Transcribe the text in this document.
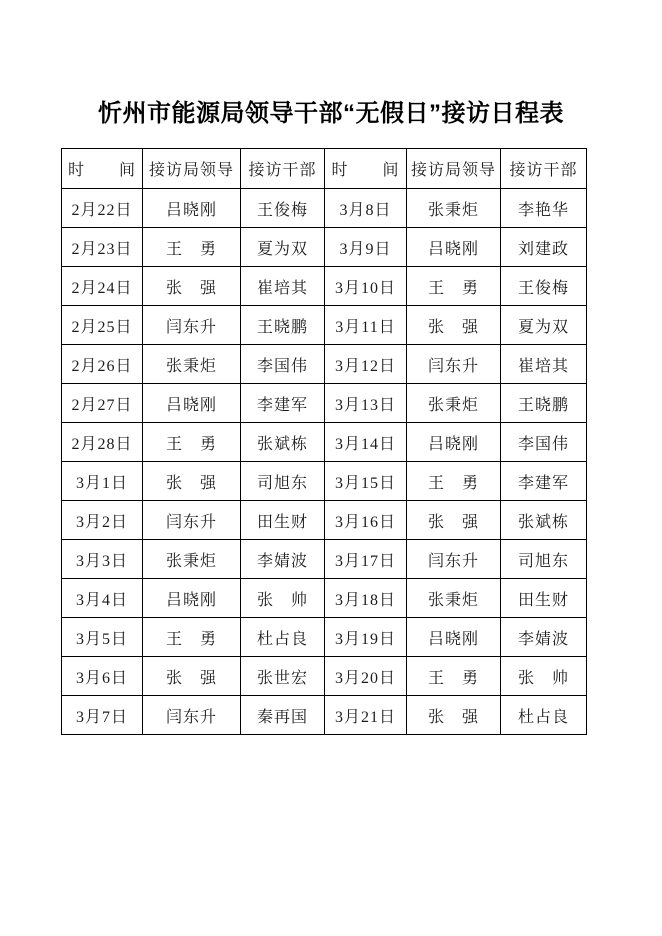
忻州市能源局领导干部“无假日”接访日程表
时　　间	接访局领导	接访干部	时　　间	接访局领导	接访干部
2月22日	吕晓刚	王俊梅	3月8日	张秉炬	李艳华
2月23日	王　勇	夏为双	3月9日	吕晓刚	刘建政
2月24日	张　强	崔培其	3月10日	王　勇	王俊梅
2月25日	闫东升	王晓鹏	3月11日	张　强	夏为双
2月26日	张秉炬	李国伟	3月12日	闫东升	崔培其
2月27日	吕晓刚	李建军	3月13日	张秉炬	王晓鹏
2月28日	王　勇	张斌栋	3月14日	吕晓刚	李国伟
3月1日	张　强	司旭东	3月15日	王　勇	李建军
3月2日	闫东升	田生财	3月16日	张　强	张斌栋
3月3日	张秉炬	李婧波	3月17日	闫东升	司旭东
3月4日	吕晓刚	张　帅	3月18日	张秉炬	田生财
3月5日	王　勇	杜占良	3月19日	吕晓刚	李婧波
3月6日	张　强	张世宏	3月20日	王　勇	张　帅
3月7日	闫东升	秦再国	3月21日	张　强	杜占良
